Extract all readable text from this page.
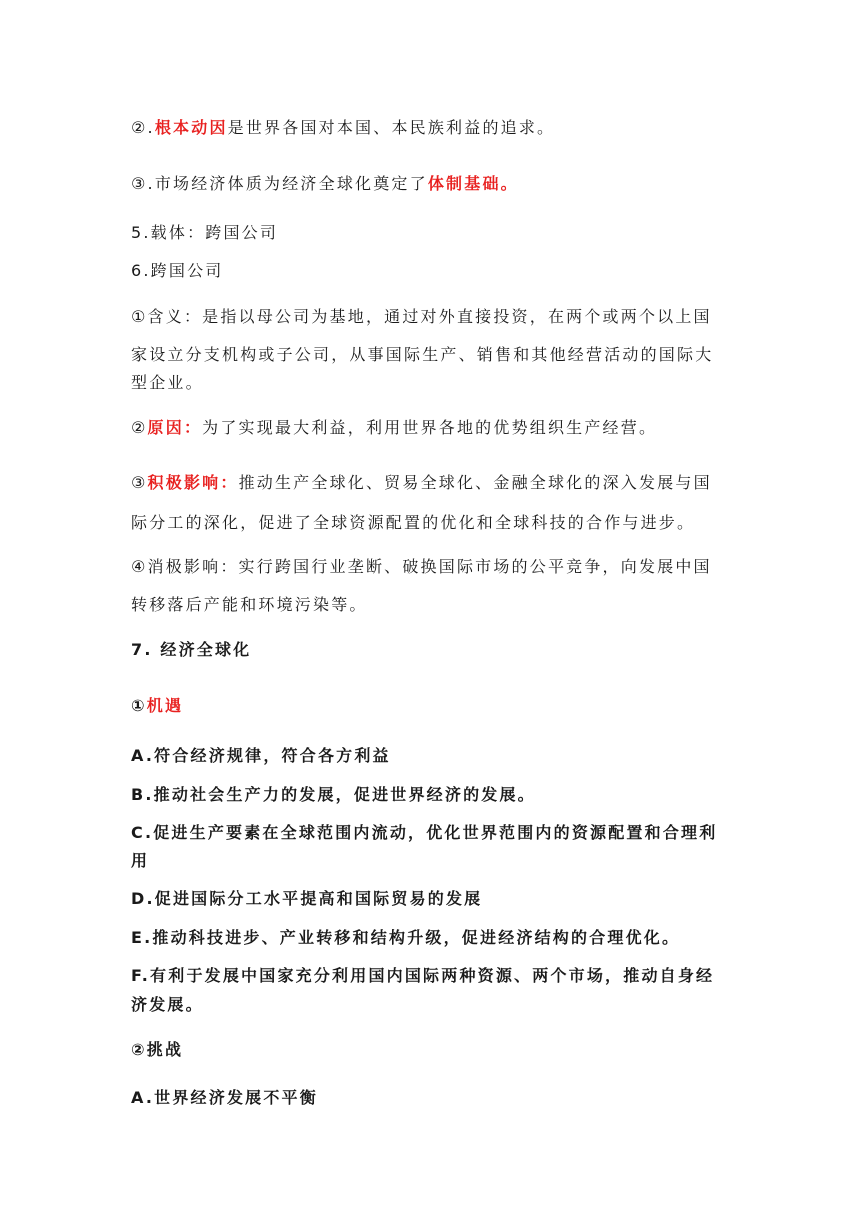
②.根本动因是世界各国对本国、本民族利益的追求。
③.市场经济体质为经济全球化奠定了体制基础。
5.载体：跨国公司
6.跨国公司
①含义：是指以母公司为基地，通过对外直接投资，在两个或两个以上国
家设立分支机构或子公司，从事国际生产、销售和其他经营活动的国际大
型企业。
②原因：为了实现最大利益，利用世界各地的优势组织生产经营。
③积极影响：推动生产全球化、贸易全球化、金融全球化的深入发展与国
际分工的深化，促进了全球资源配置的优化和全球科技的合作与进步。
④消极影响：实行跨国行业垄断、破换国际市场的公平竞争，向发展中国
转移落后产能和环境污染等。
7. 经济全球化
①机遇
A.符合经济规律，符合各方利益
B.推动社会生产力的发展，促进世界经济的发展。
C.促进生产要素在全球范围内流动，优化世界范围内的资源配置和合理利
用
D.促进国际分工水平提高和国际贸易的发展
E.推动科技进步、产业转移和结构升级，促进经济结构的合理优化。
F.有利于发展中国家充分利用国内国际两种资源、两个市场，推动自身经
济发展。
②挑战
A.世界经济发展不平衡
